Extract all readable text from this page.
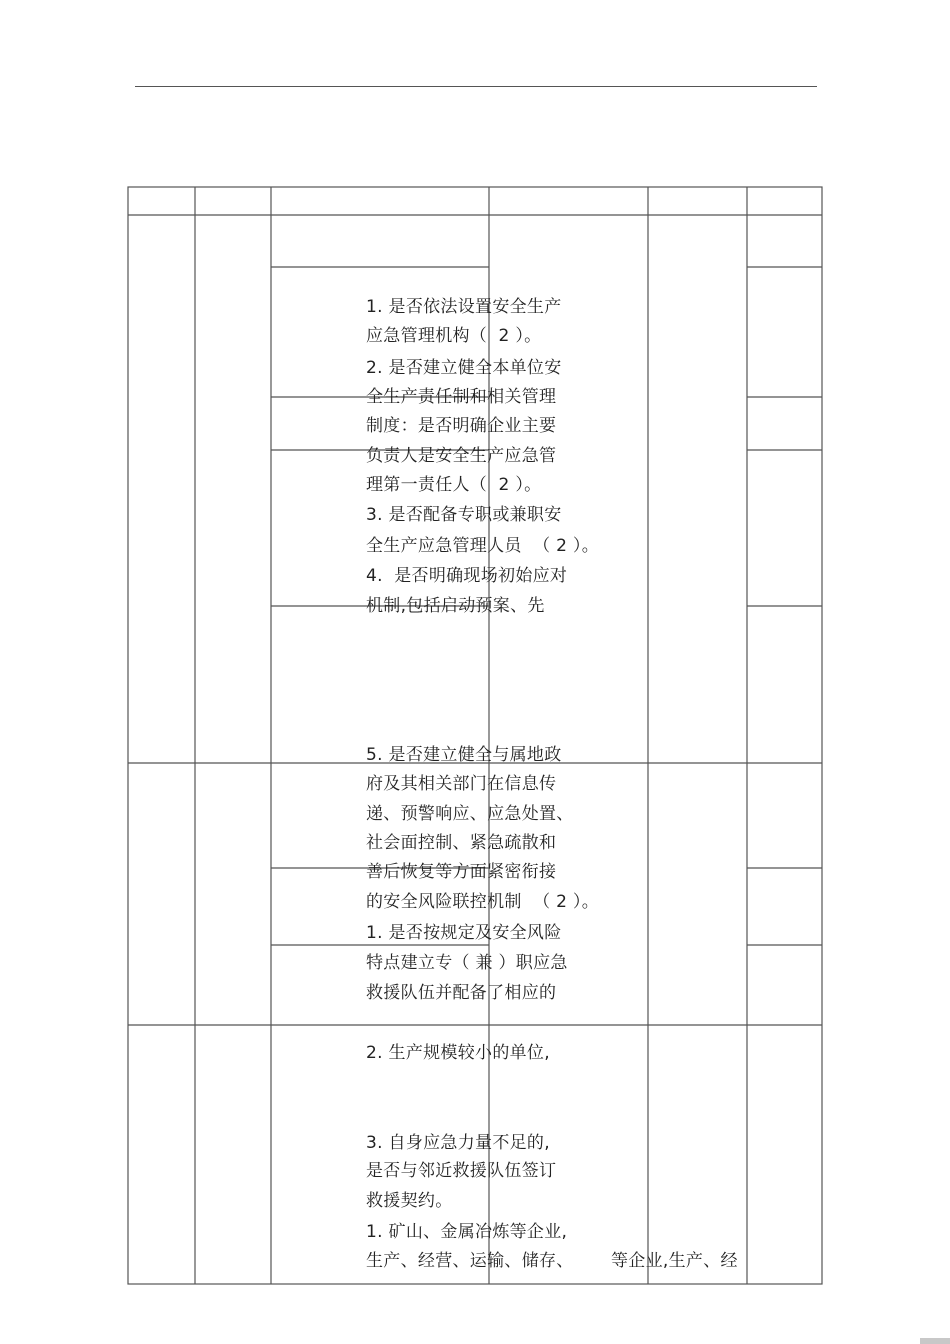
1. 是否依法设置安全生产
应急管理机构（  2 ）。
2. 是否建立健全本单位安
全生产责任制和相关管理
制度：是否明确企业主要
负责人是安全生产应急管
理第一责任人（  2 ）。
3. 是否配备专职或兼职安
全生产应急管理人员  （ 2 ）。
4.  是否明确现场初始应对
机制,包括启动预案、先
5. 是否建立健全与属地政
府及其相关部门在信息传
递、预警响应、应急处置、
社会面控制、紧急疏散和
善后恢复等方面紧密衔接
的安全风险联控机制  （ 2 ）。
1. 是否按规定及安全风险
特点建立专（ 兼 ）职应急
救援队伍并配备了相应的
2. 生产规模较小的单位,
3. 自身应急力量不足的,
是否与邻近救援队伍签订
救援契约。
1. 矿山、金属冶炼等企业,
生产、经营、运输、储存、 等企业,生产、经
